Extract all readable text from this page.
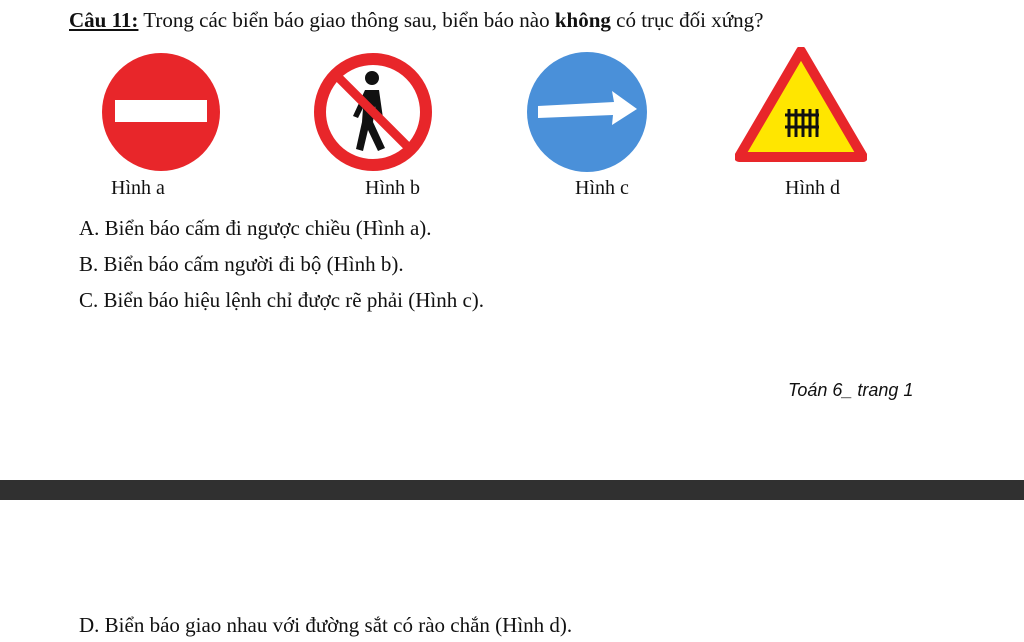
Câu 11: Trong các biển báo giao thông sau, biển báo nào không có trục đối xứng?
Hình a	Hình b	Hình c	Hình d
A. Biển báo cấm đi ngược chiều (Hình a).
B. Biển báo cấm người đi bộ (Hình b).
C. Biển báo hiệu lệnh chỉ được rẽ phải (Hình c).
Toán 6_ trang 1
D. Biển báo giao nhau với đường sắt có rào chắn (Hình d).
